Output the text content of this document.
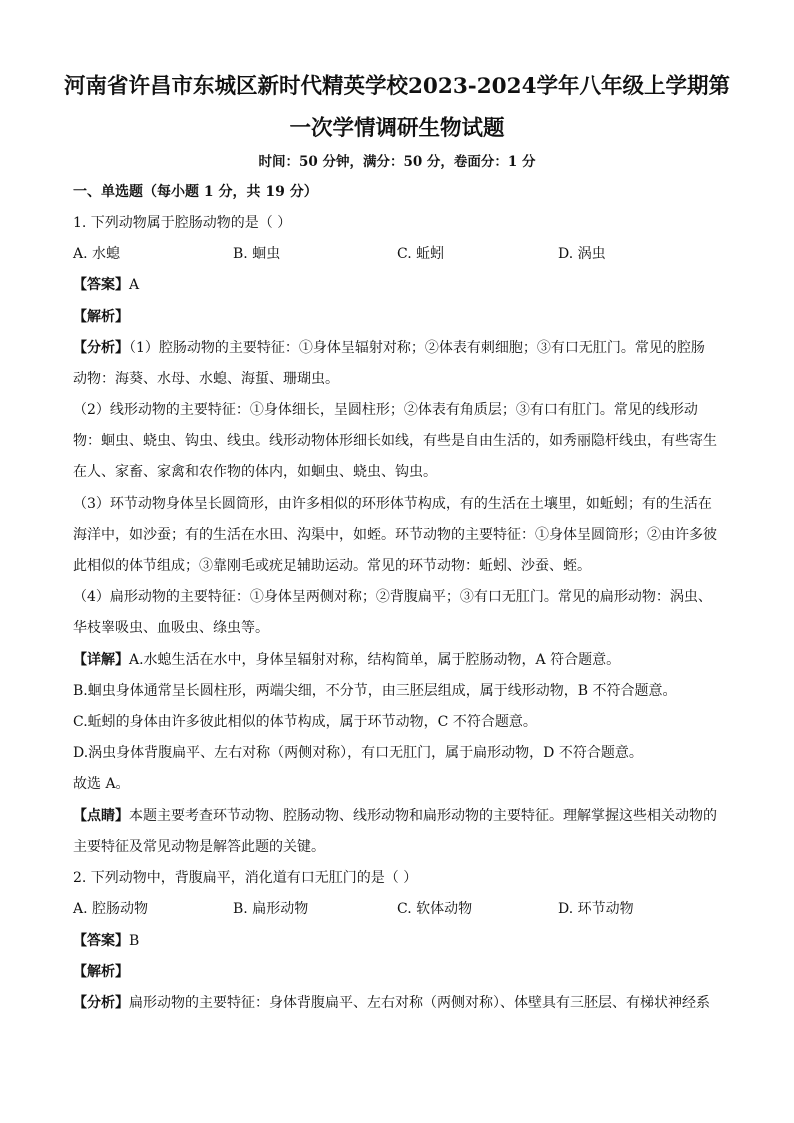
河南省许昌市东城区新时代精英学校2023-2024学年八年级上学期第
一次学情调研生物试题
时间：50 分钟，满分：50 分，卷面分：1 分
一、单选题（每小题 1 分，共 19 分）
1. 下列动物属于腔肠动物的是（ ）
A. 水螅	B. 蛔虫	C. 蚯蚓	D. 涡虫
【答案】A
【解析】
【分析】（1）腔肠动物的主要特征：①身体呈辐射对称；②体表有刺细胞；③有口无肛门。常见的腔肠
动物：海葵、水母、水螅、海蜇、珊瑚虫。
（2）线形动物的主要特征：①身体细长，呈圆柱形；②体表有角质层；③有口有肛门。常见的线形动
物：蛔虫、蛲虫、钩虫、线虫。线形动物体形细长如线，有些是自由生活的，如秀丽隐杆线虫，有些寄生
在人、家畜、家禽和农作物的体内，如蛔虫、蛲虫、钩虫。
（3）环节动物身体呈长圆筒形，由许多相似的环形体节构成，有的生活在土壤里，如蚯蚓；有的生活在
海洋中，如沙蚕；有的生活在水田、沟渠中，如蛭。环节动物的主要特征：①身体呈圆筒形；②由许多彼
此相似的体节组成；③靠刚毛或疣足辅助运动。常见的环节动物：蚯蚓、沙蚕、蛭。
（4）扁形动物的主要特征：①身体呈两侧对称；②背腹扁平；③有口无肛门。常见的扁形动物：涡虫、
华枝睾吸虫、血吸虫、绦虫等。
【详解】A.水螅生活在水中，身体呈辐射对称，结构简单，属于腔肠动物，A 符合题意。
B.蛔虫身体通常呈长圆柱形，两端尖细，不分节，由三胚层组成，属于线形动物，B 不符合题意。
C.蚯蚓的身体由许多彼此相似的体节构成，属于环节动物，C 不符合题意。
D.涡虫身体背腹扁平、左右对称（两侧对称），有口无肛门，属于扁形动物，D 不符合题意。
故选 A。
【点睛】本题主要考查环节动物、腔肠动物、线形动物和扁形动物的主要特征。理解掌握这些相关动物的
主要特征及常见动物是解答此题的关键。
2. 下列动物中，背腹扁平，消化道有口无肛门的是（ ）
A. 腔肠动物	B. 扁形动物	C. 软体动物	D. 环节动物
【答案】B
【解析】
【分析】扁形动物的主要特征：身体背腹扁平、左右对称（两侧对称）、体壁具有三胚层、有梯状神经系
